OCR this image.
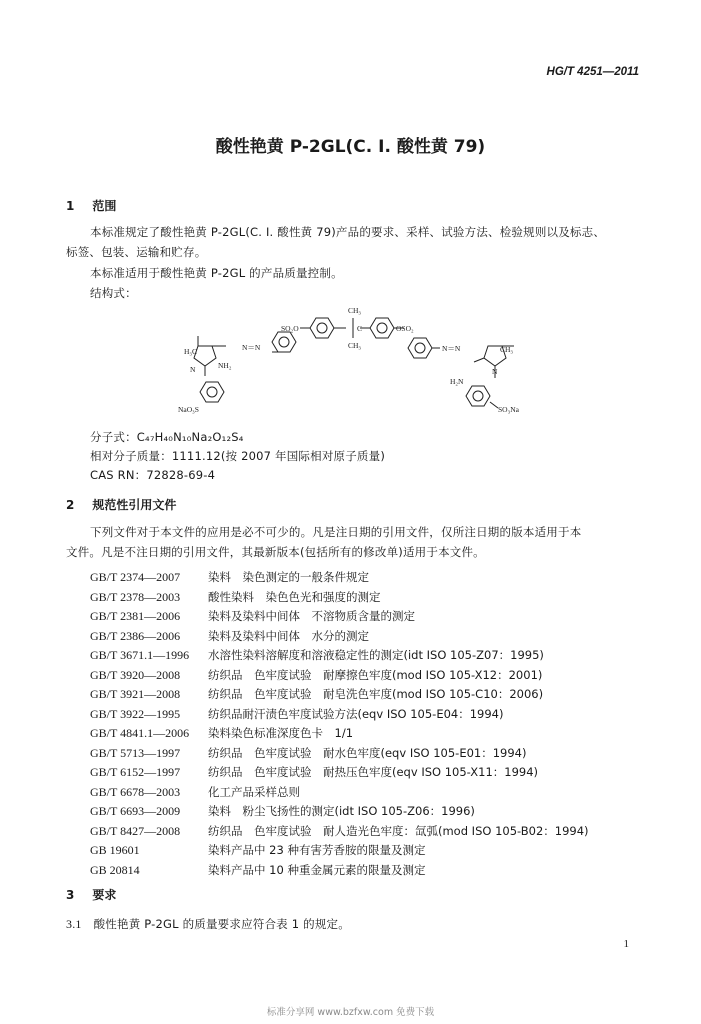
HG/T 4251—2011
酸性艳黄 P-2GL(C. I. 酸性黄 79)
1 范围
本标准规定了酸性艳黄 P-2GL(C. I. 酸性黄 79)产品的要求、采样、试验方法、检验规则以及标志、
标签、包装、运输和贮存。
本标准适用于酸性艳黄 P-2GL 的产品质量控制。
结构式：
CH₃
CH₃
C
SO₂O	OSO₂
N＝N	N＝N
H₃C
NH₂
N
CH₃
H₂N
N
NaO₃S	SO₃Na
分子式：C₄₇H₄₀N₁₀Na₂O₁₂S₄
相对分子质量：1111.12(按 2007 年国际相对原子质量)
CAS RN：72828-69-4
2 规范性引用文件
下列文件对于本文件的应用是必不可少的。凡是注日期的引用文件，仅所注日期的版本适用于本
文件。凡是不注日期的引用文件，其最新版本(包括所有的修改单)适用于本文件。
GB/T 2374—2007 染料　染色测定的一般条件规定
GB/T 2378—2003 酸性染料　染色色光和强度的测定
GB/T 2381—2006 染料及染料中间体　不溶物质含量的测定
GB/T 2386—2006 染料及染料中间体　水分的测定
GB/T 3671.1—1996 水溶性染料溶解度和溶液稳定性的测定(idt ISO 105-Z07：1995)
GB/T 3920—2008 纺织品　色牢度试验　耐摩擦色牢度(mod ISO 105-X12：2001)
GB/T 3921—2008 纺织品　色牢度试验　耐皂洗色牢度(mod ISO 105-C10：2006)
GB/T 3922—1995 纺织品耐汗渍色牢度试验方法(eqv ISO 105-E04：1994)
GB/T 4841.1—2006 染料染色标准深度色卡　1/1
GB/T 5713—1997 纺织品　色牢度试验　耐水色牢度(eqv ISO 105-E01：1994)
GB/T 6152—1997 纺织品　色牢度试验　耐热压色牢度(eqv ISO 105-X11：1994)
GB/T 6678—2003 化工产品采样总则
GB/T 6693—2009 染料　粉尘飞扬性的测定(idt ISO 105-Z06：1996)
GB/T 8427—2008 纺织品　色牢度试验　耐人造光色牢度：氙弧(mod ISO 105-B02：1994)
GB 19601	染料产品中 23 种有害芳香胺的限量及测定
GB 20814	染料产品中 10 种重金属元素的限量及测定
3 要求
3.1 酸性艳黄 P-2GL 的质量要求应符合表 1 的规定。
1
标准分享网 www.bzfxw.com 免费下载
